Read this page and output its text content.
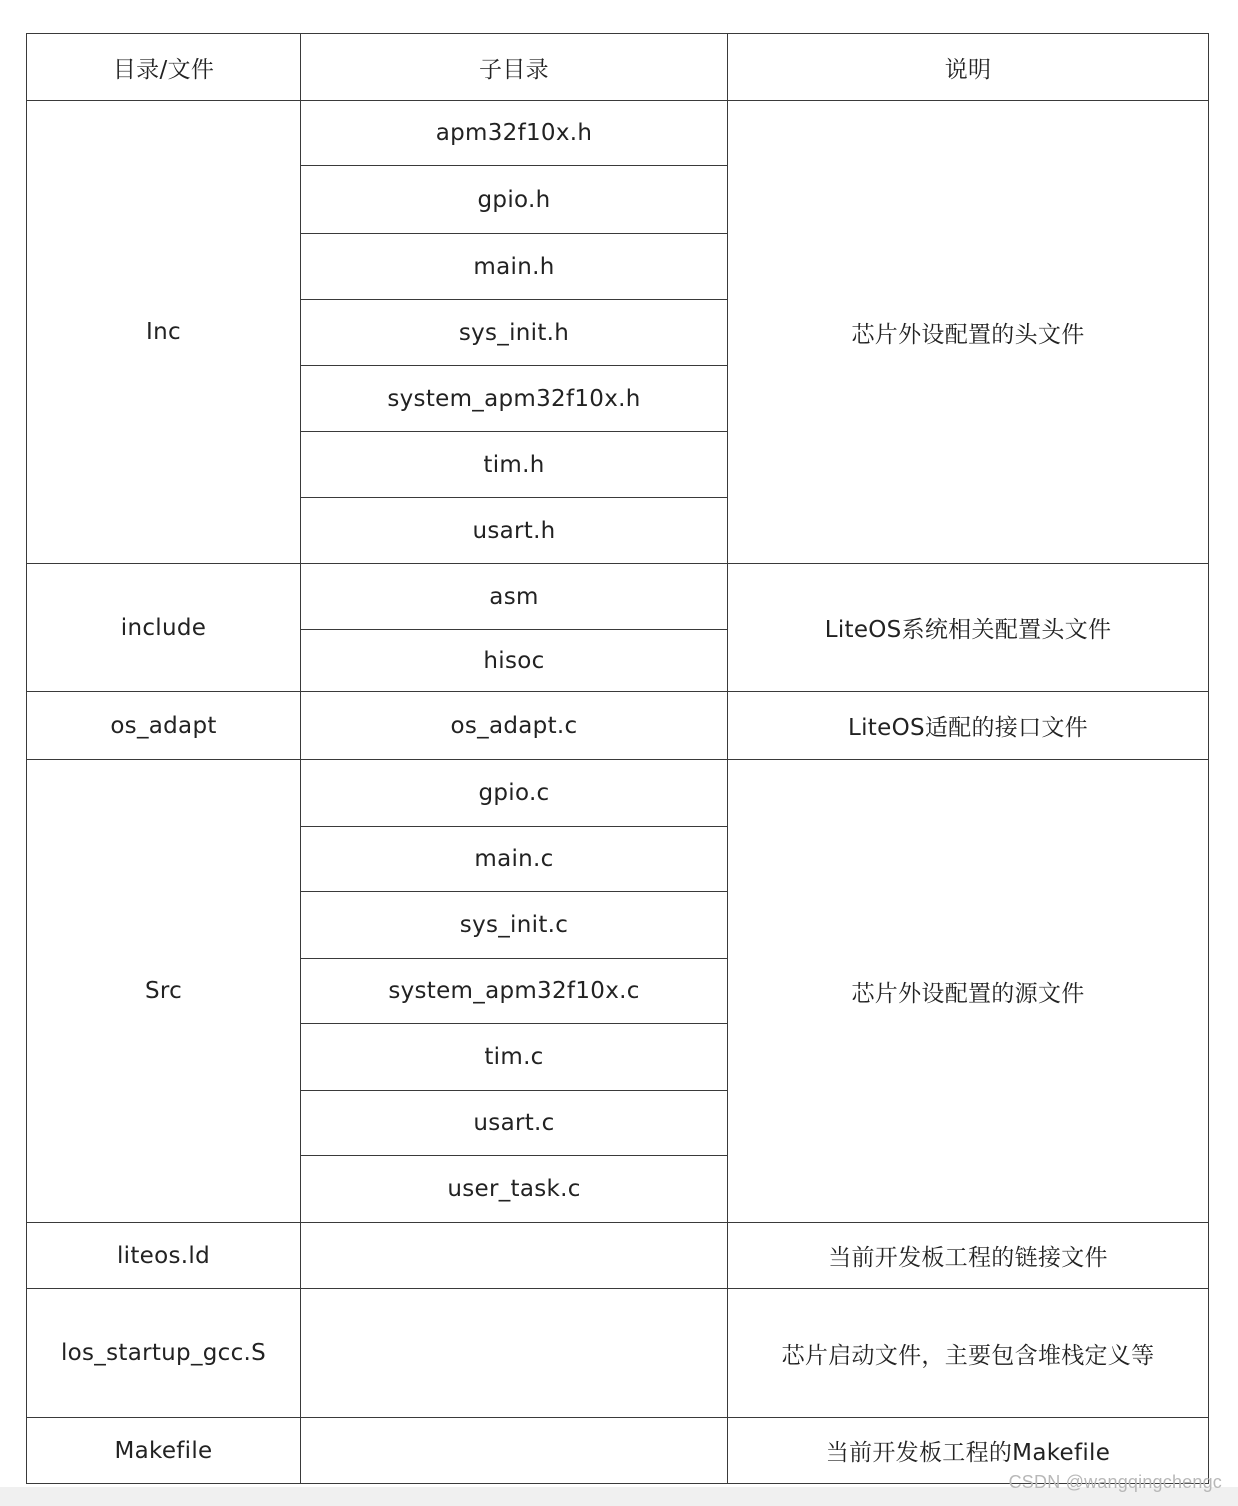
目录/文件	子目录	说明
Inc	apm32f10x.h	芯片外设配置的头文件
	gpio.h	
	main.h	
	sys_init.h	
	system_apm32f10x.h	
	tim.h	
	usart.h	
include	asm	LiteOS系统相关配置头文件
	hisoc	
os_adapt	os_adapt.c	LiteOS适配的接口文件
Src	gpio.c	芯片外设配置的源文件
	main.c	
	sys_init.c	
	system_apm32f10x.c	
	tim.c	
	usart.c	
	user_task.c	
liteos.ld		当前开发板工程的链接文件
los_startup_gcc.S		芯片启动文件，主要包含堆栈定义等
Makefile		当前开发板工程的Makefile
CSDN @wangqingchengc
